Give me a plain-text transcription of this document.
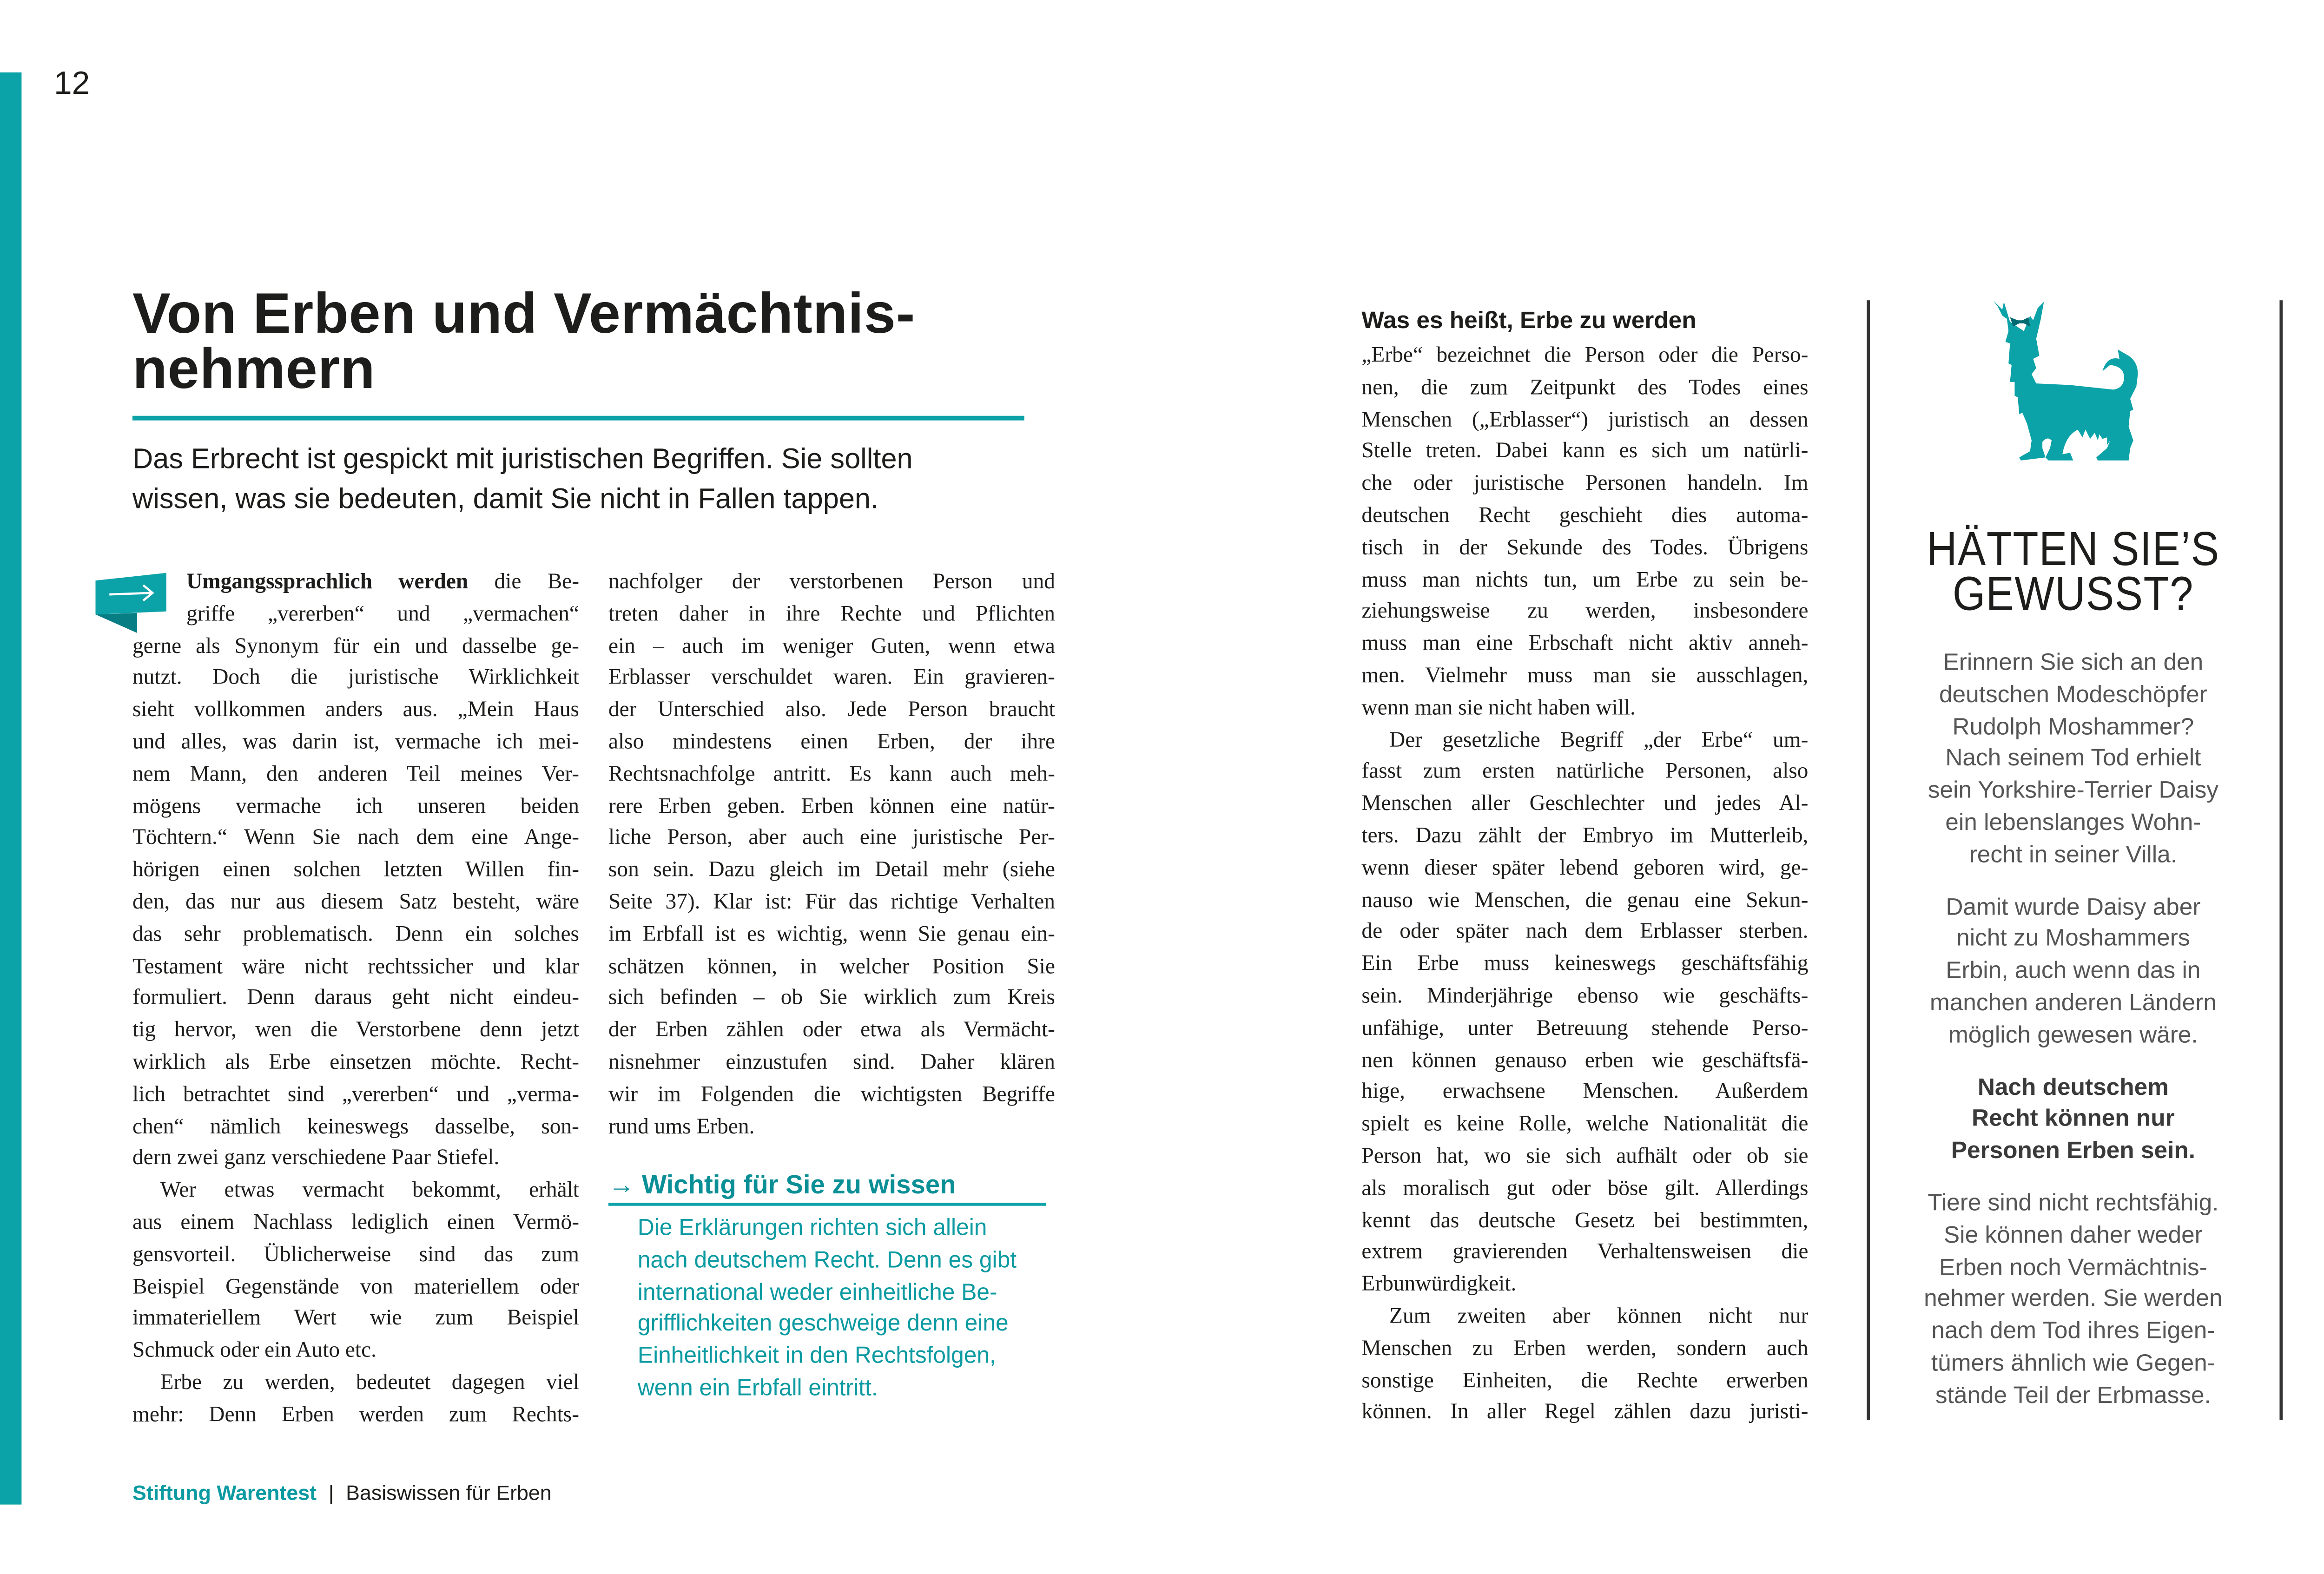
12
Von Erben und Vermächtnis-
nehmern
Das Erbrecht ist gespickt mit juristischen Begriffen. Sie sollten
wissen, was sie bedeuten, damit Sie nicht in Fallen tappen.
Umgangssprachlich werden	die Be-
griffe „vererben“ und „vermachen“
gerne als Synonym für ein und dasselbe ge-
nutzt. Doch die juristische Wirklichkeit
sieht vollkommen anders aus. „Mein Haus
und alles, was darin ist, vermache ich mei-
nem Mann, den anderen Teil meines Ver-
mögens vermache ich unseren beiden
Töchtern.“ Wenn Sie nach dem eine Ange-
hörigen einen solchen letzten Willen fin-
den, das nur aus diesem Satz besteht, wäre
das sehr problematisch. Denn ein solches
Testament wäre nicht rechtssicher und klar
formuliert. Denn daraus geht nicht eindeu-
tig hervor, wen die Verstorbene denn jetzt
wirklich als Erbe einsetzen möchte. Recht-
lich betrachtet sind „vererben“ und „verma-
chen“ nämlich keineswegs dasselbe, son-
dern zwei ganz verschiedene Paar Stiefel.
Wer etwas vermacht bekommt, erhält
aus einem Nachlass lediglich einen Vermö-
gensvorteil. Üblicherweise sind das zum
Beispiel Gegenstände von materiellem oder
immateriellem Wert wie zum Beispiel
Schmuck oder ein Auto etc.
Erbe zu werden, bedeutet dagegen viel
mehr: Denn Erben werden zum Rechts-
nachfolger der verstorbenen Person und
treten daher in ihre Rechte und Pflichten
ein – auch im weniger Guten, wenn etwa
Erblasser verschuldet waren. Ein gravieren-
der Unterschied also. Jede Person braucht
also mindestens einen Erben, der ihre
Rechtsnachfolge antritt. Es kann auch meh-
rere Erben geben. Erben können eine natür-
liche Person, aber auch eine juristische Per-
son sein. Dazu gleich im Detail mehr (siehe
Seite 37). Klar ist: Für das richtige Verhalten
im Erbfall ist es wichtig, wenn Sie genau ein-
schätzen können, in welcher Position Sie
sich befinden – ob Sie wirklich zum Kreis
der Erben zählen oder etwa als Vermächt-
nisnehmer einzustufen sind. Daher klären
wir im Folgenden die wichtigsten Begriffe
rund ums Erben.
→ Wichtig für Sie zu wissen
Die Erklärungen richten sich allein
nach deutschem Recht. Denn es gibt
international weder einheitliche Be-
grifflichkeiten geschweige denn eine
Einheitlichkeit in den Rechtsfolgen,
wenn ein Erbfall eintritt.
Stiftung Warentest | Basiswissen für Erben
Was es heißt, Erbe zu werden
„Erbe“ bezeichnet die Person oder die Perso-
nen, die zum Zeitpunkt des Todes eines
Menschen („Erblasser“) juristisch an dessen
Stelle treten. Dabei kann es sich um natürli-
che oder juristische Personen handeln. Im
deutschen Recht geschieht dies automa-
tisch in der Sekunde des Todes. Übrigens
muss man nichts tun, um Erbe zu sein be-
ziehungsweise zu werden, insbesondere
muss man eine Erbschaft nicht aktiv anneh-
men. Vielmehr muss man sie ausschlagen,
wenn man sie nicht haben will.
Der gesetzliche Begriff „der Erbe“ um-
fasst zum ersten natürliche Personen, also
Menschen aller Geschlechter und jedes Al-
ters. Dazu zählt der Embryo im Mutterleib,
wenn dieser später lebend geboren wird, ge-
nauso wie Menschen, die genau eine Sekun-
de oder später nach dem Erblasser sterben.
Ein Erbe muss keineswegs geschäftsfähig
sein. Minderjährige ebenso wie geschäfts-
unfähige, unter Betreuung stehende Perso-
nen können genauso erben wie geschäftsfä-
hige, erwachsene Menschen. Außerdem
spielt es keine Rolle, welche Nationalität die
Person hat, wo sie sich aufhält oder ob sie
als moralisch gut oder böse gilt. Allerdings
kennt das deutsche Gesetz bei bestimmten,
extrem gravierenden Verhaltensweisen die
Erbunwürdigkeit.
Zum zweiten aber können nicht nur
Menschen zu Erben werden, sondern auch
sonstige Einheiten, die Rechte erwerben
können. In aller Regel zählen dazu juristi-
HÄTTEN SIE’S
GEWUSST?
Erinnern Sie sich an den
deutschen Modeschöpfer
Rudolph Moshammer?
Nach seinem Tod erhielt
sein Yorkshire-Terrier Daisy
ein lebenslanges Wohn-
recht in seiner Villa.
Damit wurde Daisy aber
nicht zu Moshammers
Erbin, auch wenn das in
manchen anderen Ländern
möglich gewesen wäre.
Nach deutschem
Recht können nur
Personen Erben sein.
Tiere sind nicht rechtsfähig.
Sie können daher weder
Erben noch Vermächtnis-
nehmer werden. Sie werden
nach dem Tod ihres Eigen-
tümers ähnlich wie Gegen-
stände Teil der Erbmasse.
